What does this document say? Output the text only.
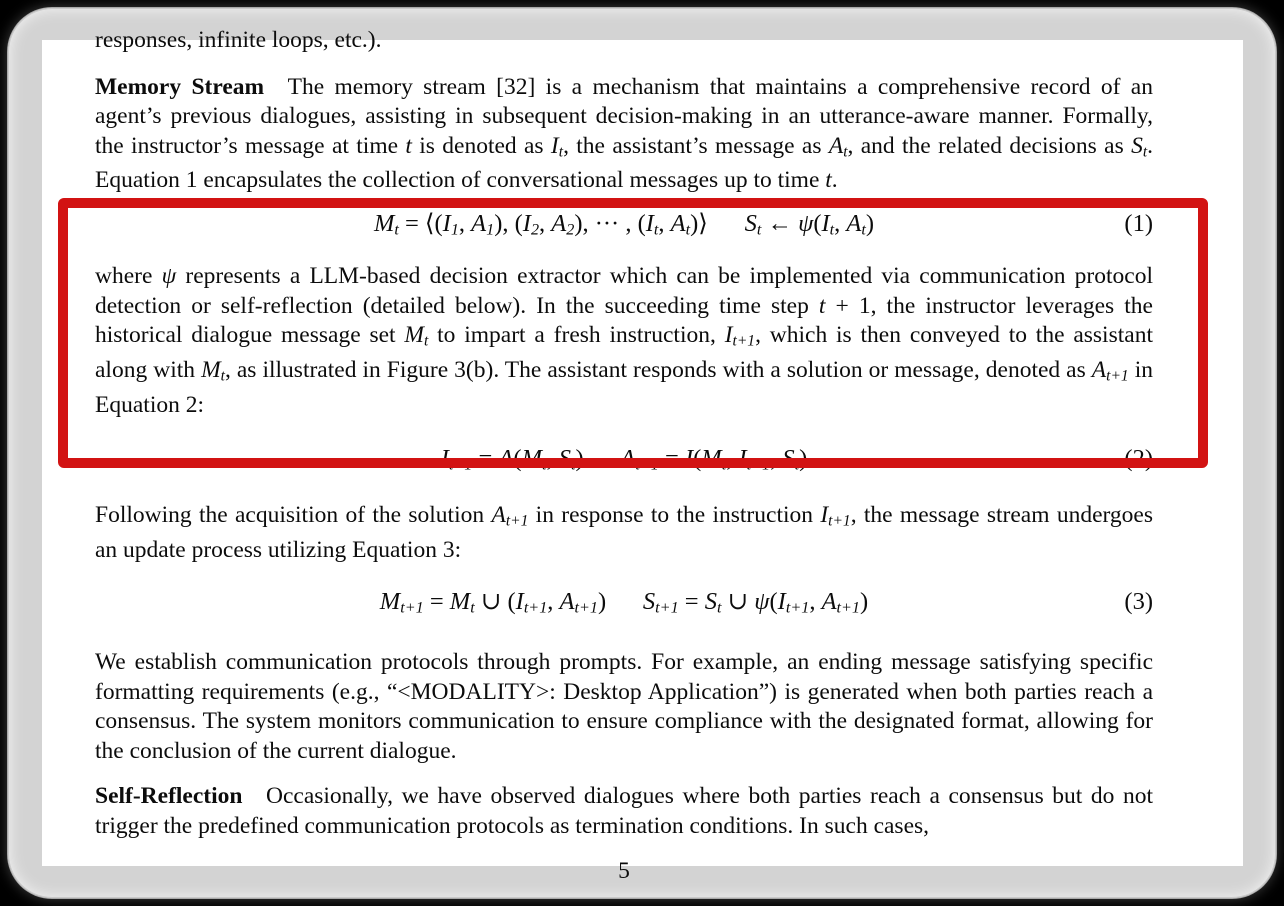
responses, infinite loops, etc.).

Memory Stream The memory stream [32] is a mechanism that maintains a comprehensive record of an agent’s previous dialogues, assisting in subsequent decision-making in an utterance-aware manner. Formally, the instructor’s message at time t is denoted as It, the assistant’s message as At, and the related decisions as St. Equation 1 encapsulates the collection of conversational messages up to time t.

Mt = ⟨(I1, A1), (I2, A2), ··· , (It, At)⟩   St ← ψ(It, At)	(1)

where ψ represents a LLM-based decision extractor which can be implemented via communication protocol detection or self-reflection (detailed below). In the succeeding time step t + 1, the instructor leverages the historical dialogue message set Mt to impart a fresh instruction, It+1, which is then conveyed to the assistant along with Mt, as illustrated in Figure 3(b). The assistant responds with a solution or message, denoted as At+1 in Equation 2:

It+1 = A(Mt, St)   At+1 = I(Mt, It+1, St)	(2)

Following the acquisition of the solution At+1 in response to the instruction It+1, the message stream undergoes an update process utilizing Equation 3:

Mt+1 = Mt ∪ (It+1, At+1)   St+1 = St ∪ ψ(It+1, At+1)	(3)

We establish communication protocols through prompts. For example, an ending message satisfying specific formatting requirements (e.g., “<MODALITY>: Desktop Application”) is generated when both parties reach a consensus. The system monitors communication to ensure compliance with the designated format, allowing for the conclusion of the current dialogue.

Self-Reflection Occasionally, we have observed dialogues where both parties reach a consensus but do not trigger the predefined communication protocols as termination conditions. In such cases,

5
